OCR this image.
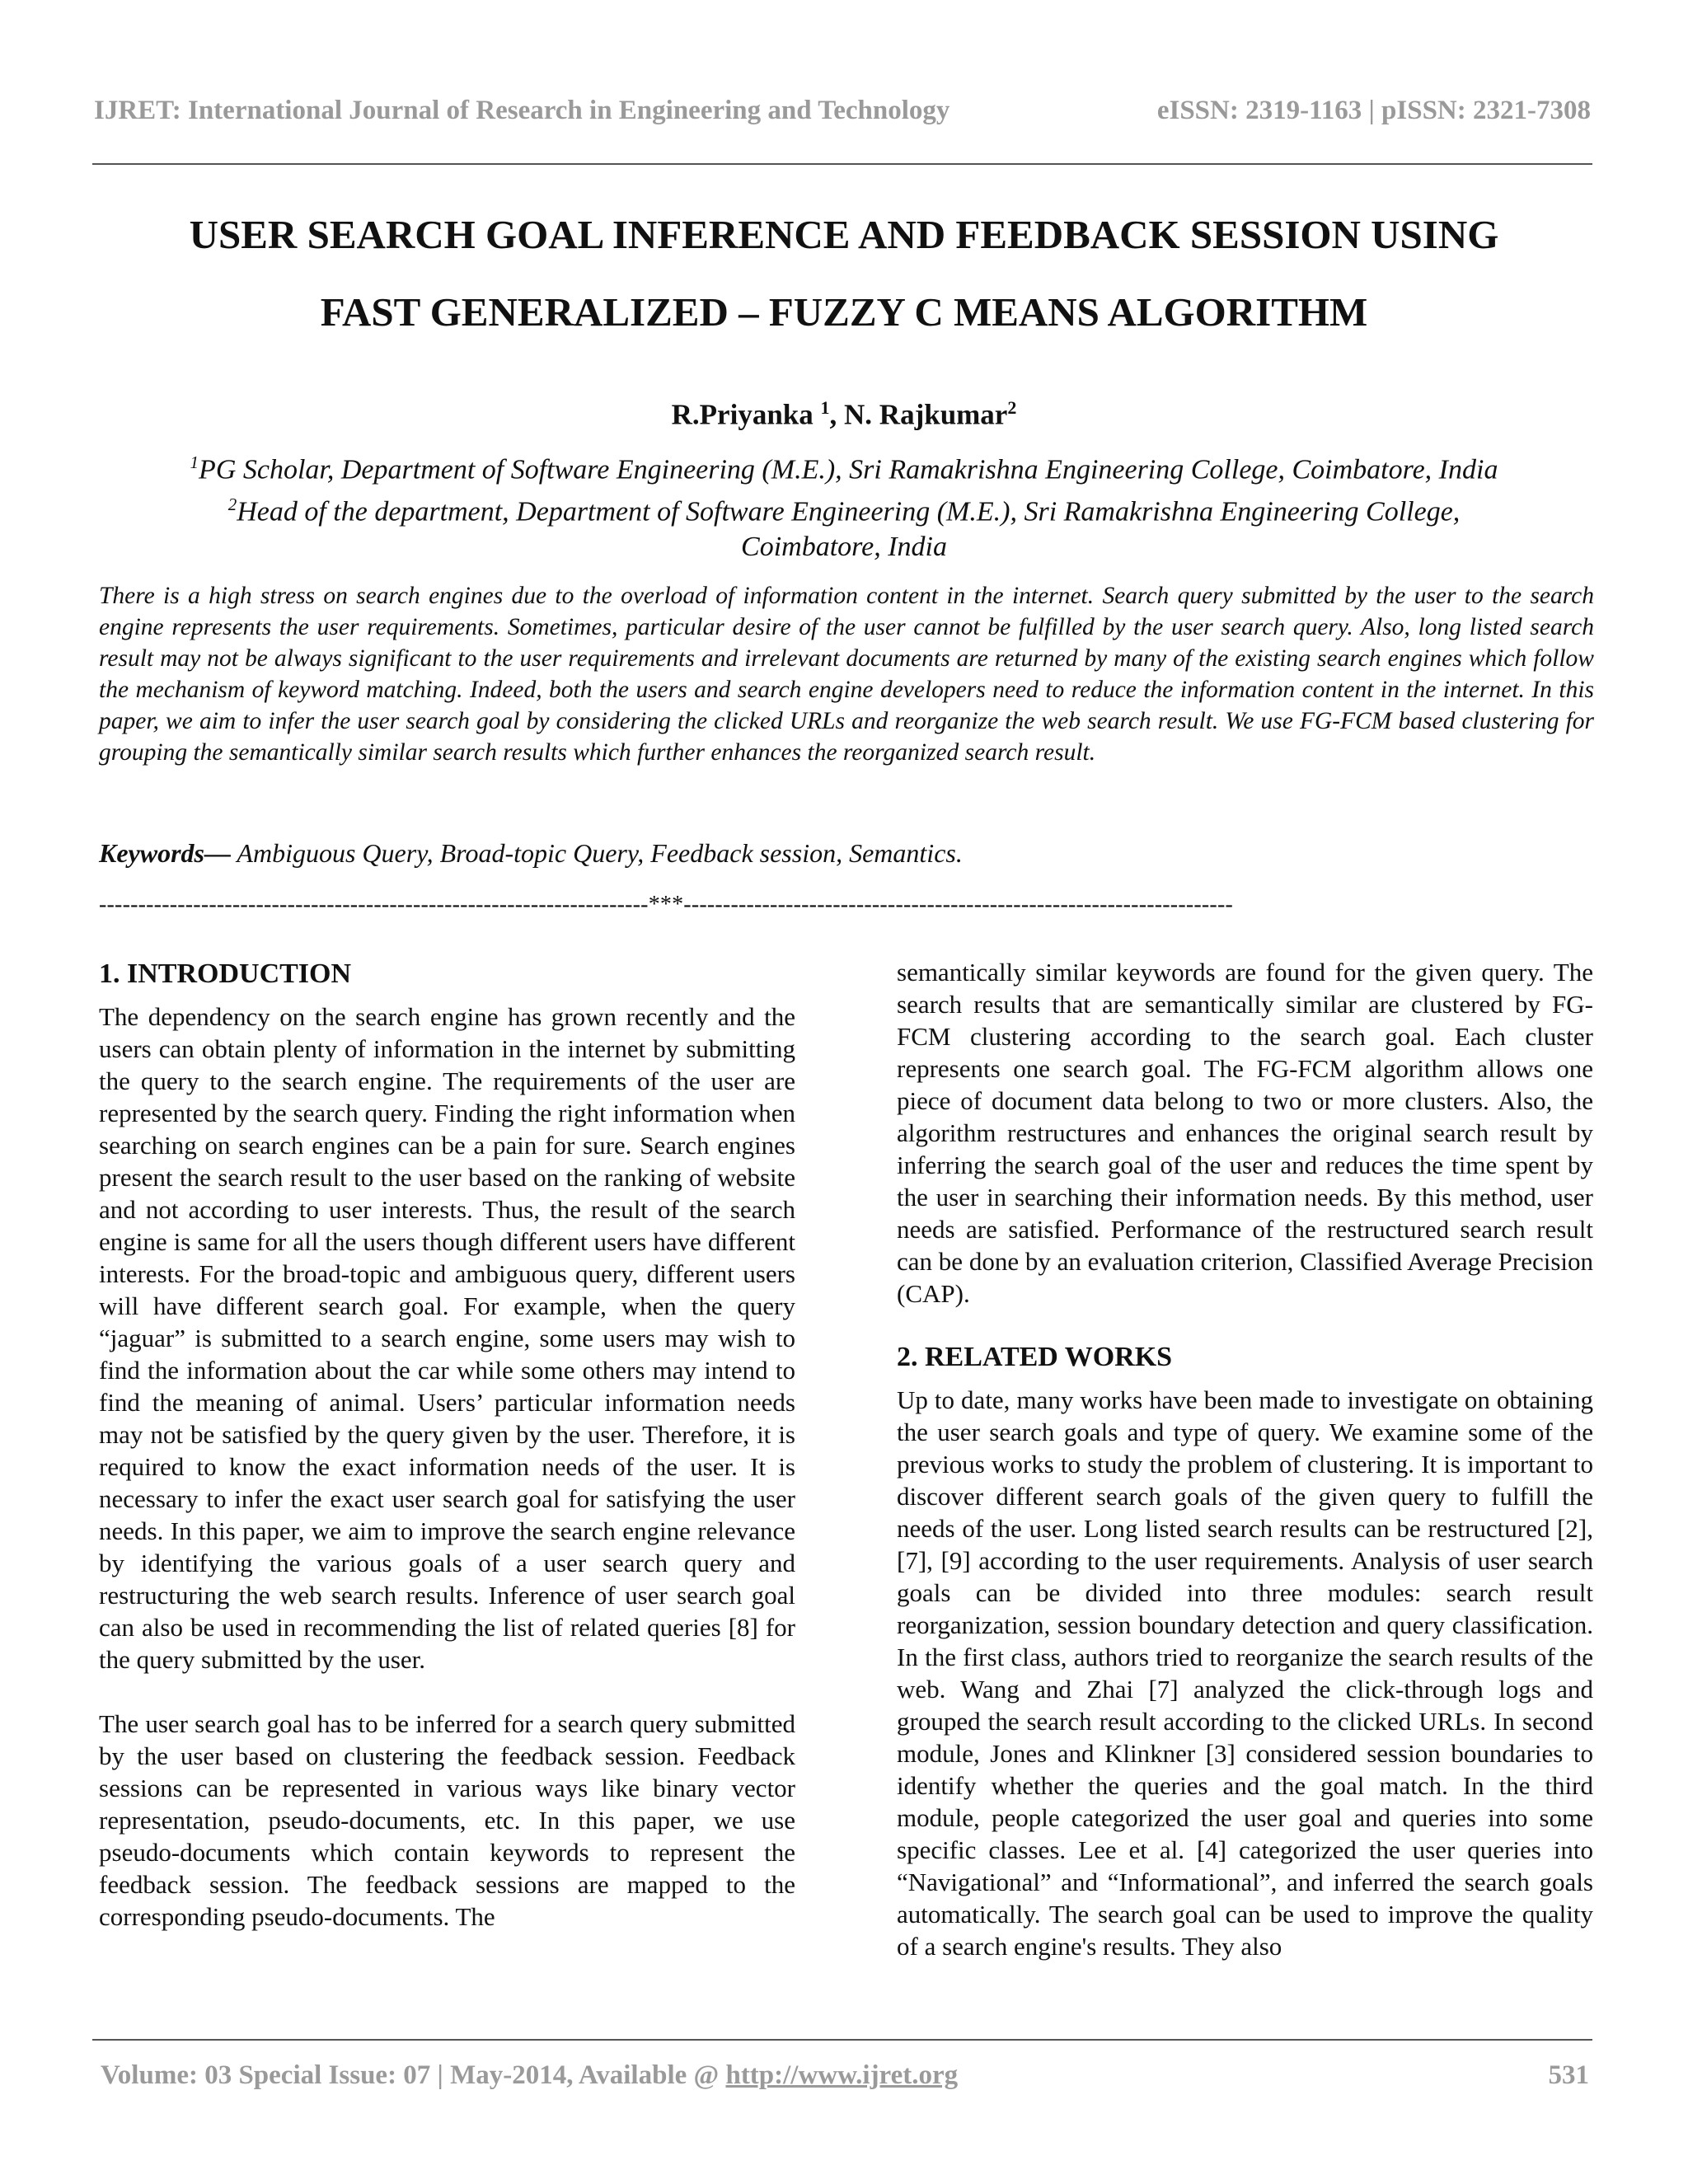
IJRET: International Journal of Research in Engineering and Technology	eISSN: 2319-1163 | pISSN: 2321-7308
USER SEARCH GOAL INFERENCE AND FEEDBACK SESSION USING
FAST GENERALIZED – FUZZY C MEANS ALGORITHM
R.Priyanka $^1$, N. Rajkumar$^2$
$^1$PG Scholar, Department of Software Engineering (M.E.), Sri Ramakrishna Engineering College, Coimbatore, India
$^2$Head of the department, Department of Software Engineering (M.E.), Sri Ramakrishna Engineering College, Coimbatore, India

There is a high stress on search engines due to the overload of information content in the internet. Search query submitted by the user to the search engine represents the user requirements. Sometimes, particular desire of the user cannot be fulfilled by the user search query. Also, long listed search result may not be always significant to the user requirements and irrelevant documents are returned by many of the existing search engines which follow the mechanism of keyword matching. Indeed, both the users and search engine developers need to reduce the information content in the internet. In this paper, we aim to infer the user search goal by considering the clicked URLs and reorganize the web search result. We use FG-FCM based clustering for grouping the semantically similar search results which further enhances the reorganized search result.

Keywords— Ambiguous Query, Broad-topic Query, Feedback session, Semantics.
----------------------------------------------------------------------***----------------------------------------------------------------------
1. INTRODUCTION

The dependency on the search engine has grown recently and the users can obtain plenty of information in the internet by submitting the query to the search engine. The requirements of the user are represented by the search query. Finding the right information when searching on search engines can be a pain for sure. Search engines present the search result to the user based on the ranking of website and not according to user interests. Thus, the result of the search engine is same for all the users though different users have different interests. For the broad-topic and ambiguous query, different users will have different search goal. For example, when the query “jaguar” is submitted to a search engine, some users may wish to find the information about the car while some others may intend to find the meaning of animal. Users’ particular information needs may not be satisfied by the query given by the user. Therefore, it is required to know the exact information needs of the user. It is necessary to infer the exact user search goal for satisfying the user needs. In this paper, we aim to improve the search engine relevance by identifying the various goals of a user search query and restructuring the web search results. Inference of user search goal can also be used in recommending the list of related queries [8] for the query submitted by the user.

The user search goal has to be inferred for a search query submitted by the user based on clustering the feedback session. Feedback sessions can be represented in various ways like binary vector representation, pseudo-documents, etc. In this paper, we use pseudo-documents which contain keywords to represent the feedback session. The feedback sessions are mapped to the corresponding pseudo-documents. The

semantically similar keywords are found for the given query. The search results that are semantically similar are clustered by FG-FCM clustering according to the search goal. Each cluster represents one search goal. The FG-FCM algorithm allows one piece of document data belong to two or more clusters. Also, the algorithm restructures and enhances the original search result by inferring the search goal of the user and reduces the time spent by the user in searching their information needs. By this method, user needs are satisfied. Performance of the restructured search result can be done by an evaluation criterion, Classified Average Precision (CAP).

2. RELATED WORKS

Up to date, many works have been made to investigate on obtaining the user search goals and type of query. We examine some of the previous works to study the problem of clustering. It is important to discover different search goals of the given query to fulfill the needs of the user. Long listed search results can be restructured [2], [7], [9] according to the user requirements. Analysis of user search goals can be divided into three modules: search result reorganization, session boundary detection and query classification. In the first class, authors tried to reorganize the search results of the web. Wang and Zhai [7] analyzed the click-through logs and grouped the search result according to the clicked URLs. In second module, Jones and Klinkner [3] considered session boundaries to identify whether the queries and the goal match. In the third module, people categorized the user goal and queries into some specific classes. Lee et al. [4] categorized the user queries into “Navigational” and “Informational”, and inferred the search goals automatically. The search goal can be used to improve the quality of a search engine's results. They also

Volume: 03 Special Issue: 07 | May-2014, Available @ http://www.ijret.org	531
